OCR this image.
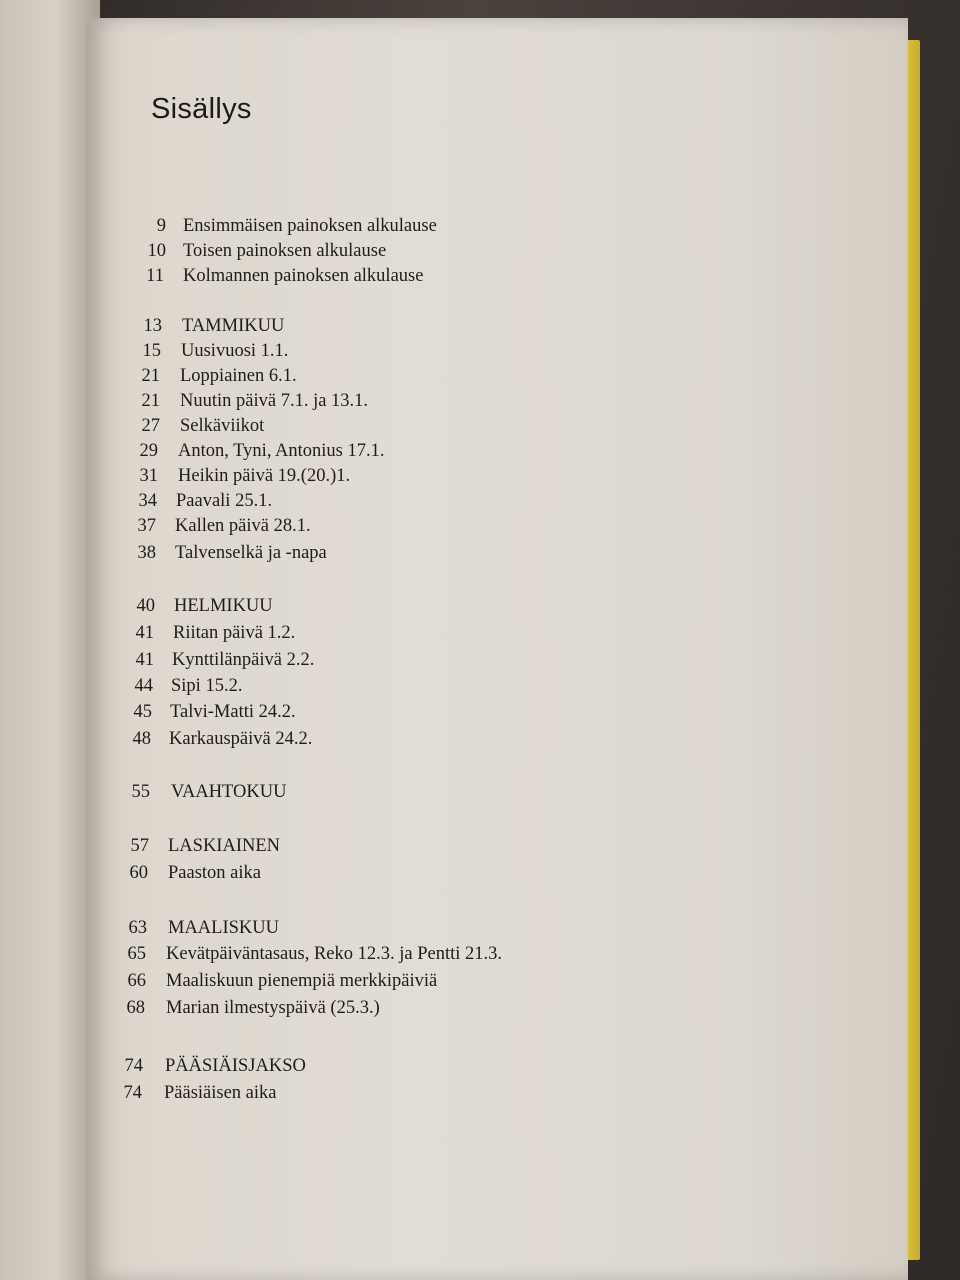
Sisällys
9 Ensimmäisen painoksen alkulause
10 Toisen painoksen alkulause
11 Kolmannen painoksen alkulause
13 TAMMIKUU
15 Uusivuosi 1.1.
21 Loppiainen 6.1.
21 Nuutin päivä 7.1. ja 13.1.
27 Selkäviikot
29 Anton, Tyni, Antonius 17.1.
31 Heikin päivä 19.(20.)1.
34 Paavali 25.1.
37 Kallen päivä 28.1.
38 Talvenselkä ja -napa
40 HELMIKUU
41 Riitan päivä 1.2.
41 Kynttilänpäivä 2.2.
44 Sipi 15.2.
45 Talvi-Matti 24.2.
48 Karkauspäivä 24.2.
55 VAAHTOKUU
57 LASKIAINEN
60 Paaston aika
63 MAALISKUU
65 Kevätpäiväntasaus, Reko 12.3. ja Pentti 21.3.
66 Maaliskuun pienempiä merkkipäiviä
68 Marian ilmestyspäivä (25.3.)
74 PÄÄSIÄISJAKSO
74 Pääsiäisen aika
